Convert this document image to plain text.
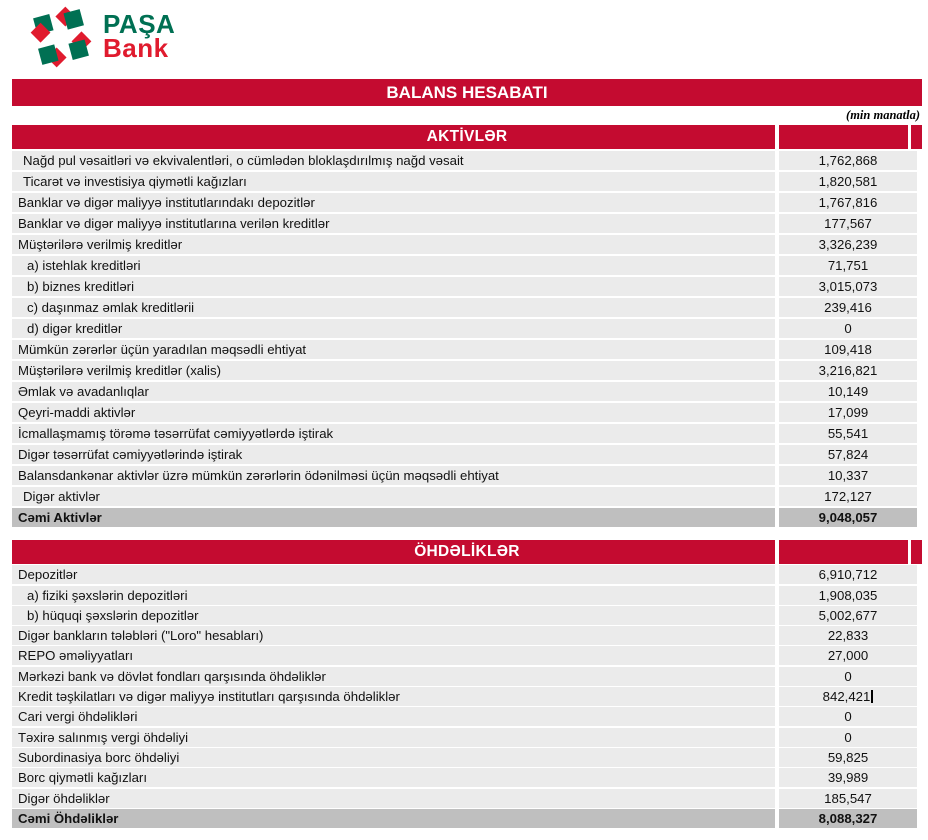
PAŞA
Bank
BALANS HESABATI
(min manatla)
AKTİVLƏR
Nağd pul vəsaitləri və ekvivalentləri, o cümlədən bloklaşdırılmış nağd vəsait	1,762,868
Ticarət və investisiya qiymətli kağızları	1,820,581
Banklar və digər maliyyə institutlarındakı depozitlər	1,767,816
Banklar və digər maliyyə institutlarına verilən kreditlər	177,567
Müştərilərə verilmiş kreditlər	3,326,239
a) istehlak kreditləri	71,751
b) biznes kreditləri	3,015,073
c) daşınmaz əmlak kreditlərii	239,416
d) digər kreditlər	0
Mümkün zərərlər üçün yaradılan məqsədli ehtiyat	109,418
Müştərilərə verilmiş kreditlər (xalis)	3,216,821
Əmlak və avadanlıqlar	10,149
Qeyri-maddi aktivlər	17,099
İcmallaşmamış törəmə təsərrüfat cəmiyyətlərdə iştirak	55,541
Digər təsərrüfat cəmiyyətlərində iştirak	57,824
Balansdankənar aktivlər üzrə mümkün zərərlərin ödənilməsi üçün məqsədli ehtiyat	10,337
Digər aktivlər	172,127
Cəmi Aktivlər	9,048,057
ÖHDƏLİKLƏR
Depozitlər	6,910,712
a) fiziki şəxslərin depozitləri	1,908,035
b) hüquqi şəxslərin depozitlər	5,002,677
Digər bankların tələbləri ("Loro" hesabları)	22,833
REPO əməliyyatları	27,000
Mərkəzi bank və dövlət fondları qarşısında öhdəliklər	0
Kredit təşkilatları və digər maliyyə institutları qarşısında öhdəliklər	842,421
Cari vergi öhdəlikləri	0
Təxirə salınmış vergi öhdəliyi	0
Subordinasiya borc öhdəliyi	59,825
Borc qiymətli kağızları	39,989
Digər öhdəliklər	185,547
Cəmi Öhdəliklər	8,088,327
